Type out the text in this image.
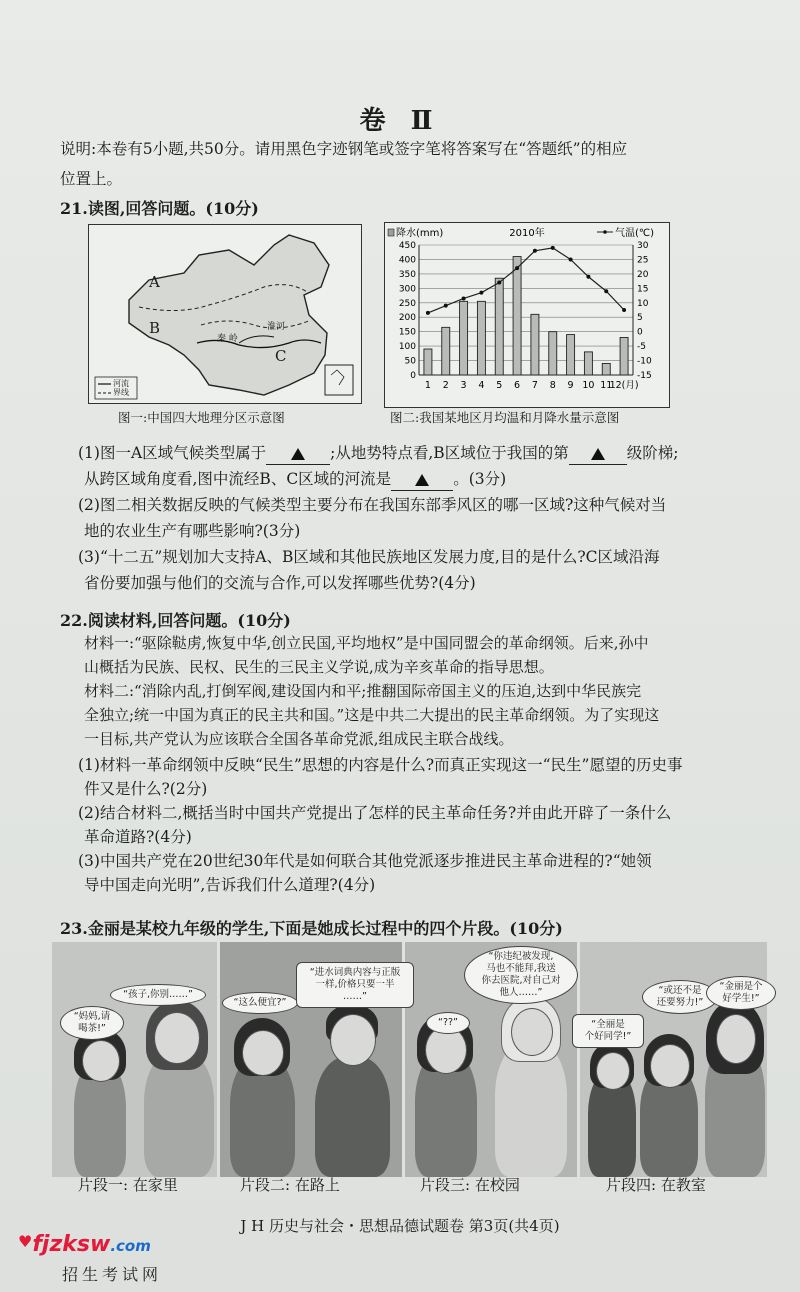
卷 Ⅱ
说明:本卷有5小题,共50分。请用黑色字迹钢笔或签字笔将答案写在“答题纸”的相应
位置上。
21.读图,回答问题。(10分)
A
B
C
秦 岭
淮河
河流
界线
图一:中国四大地理分区示意图
450
400
350
300
250
200
150
100
50
0
30
25
20
15
10
5
0
-5
-10
-15
1 2 3 4 5 6 7 8 9 10 11
12(月)
降水(mm)	2010年	气温(℃)
图二:我国某地区月均温和月降水量示意图
(1)图一A区域气候类型属于	;从地势特点看,B区域位于我国的第	级阶梯;
从跨区域角度看,图中流经B、C区域的河流是	。(3分)
(2)图二相关数据反映的气候类型主要分布在我国东部季风区的哪一区域?这种气候对当
地的农业生产有哪些影响?(3分)
(3)“十二五”规划加大支持A、B区域和其他民族地区发展力度,目的是什么?C区域沿海
省份要加强与他们的交流与合作,可以发挥哪些优势?(4分)
22.阅读材料,回答问题。(10分)
材料一:“驱除鞑虏,恢复中华,创立民国,平均地权”是中国同盟会的革命纲领。后来,孙中
山概括为民族、民权、民生的三民主义学说,成为辛亥革命的指导思想。
材料二:“消除内乱,打倒军阀,建设国内和平;推翻国际帝国主义的压迫,达到中华民族完
全独立;统一中国为真正的民主共和国。”这是中共二大提出的民主革命纲领。为了实现这
一目标,共产党认为应该联合全国各革命党派,组成民主联合战线。
(1)材料一革命纲领中反映“民生”思想的内容是什么?而真正实现这一“民生”愿望的历史事
件又是什么?(2分)
(2)结合材料二,概括当时中国共产党提出了怎样的民主革命任务?并由此开辟了一条什么
革命道路?(4分)
(3)中国共产党在20世纪30年代是如何联合其他党派逐步推进民主革命进程的?“她领
导中国走向光明”,告诉我们什么道理?(4分)
23.金丽是某校九年级的学生,下面是她成长过程中的四个片段。(10分)
“孩子,你别……”
“妈妈,请
喝茶!”
“这么便宜?”
“进水词典内容与正版
一样,价格只要一半
……”
“你违纪被发现,
马也不能拜,我送
你去医院,对自己对
他人……”
“??”	“全丽是
个好同学!”
“或还不是
还要努力!”
“金丽是个
好学生!”
片段一: 在家里	片段二: 在路上	片段三: 在校园	片段四: 在教室
J H 历史与社会・思想品德试题卷 第3页(共4页)
♥fjzksw.com
招生考试网
